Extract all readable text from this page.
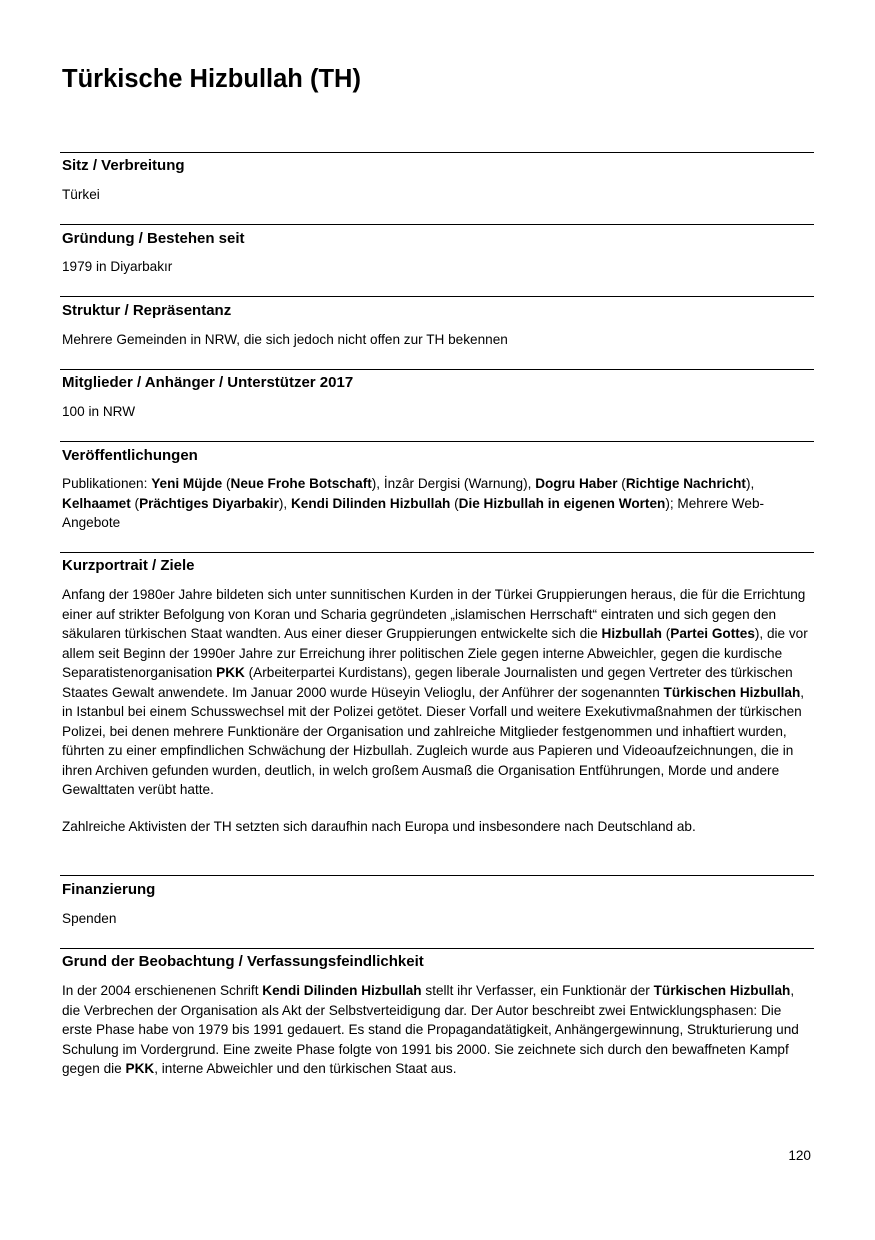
Türkische Hizbullah (TH)
Sitz / Verbreitung
Türkei
Gründung / Bestehen seit
1979 in Diyarbakır
Struktur / Repräsentanz
Mehrere Gemeinden in NRW, die sich jedoch nicht offen zur TH bekennen
Mitglieder / Anhänger / Unterstützer 2017
100 in NRW
Veröffentlichungen
Publikationen: Yeni Müjde (Neue Frohe Botschaft), İnzâr Dergisi (Warnung), Dogru Haber (Richtige Nachricht), Kelhaamet (Prächtiges Diyarbakir), Kendi Dilinden Hizbullah (Die Hizbullah in eigenen Worten); Mehrere Web-Angebote
Kurzportrait / Ziele
Anfang der 1980er Jahre bildeten sich unter sunnitischen Kurden in der Türkei Gruppierungen heraus, die für die Errichtung einer auf strikter Befolgung von Koran und Scharia gegründeten „islamischen Herrschaft“ eintraten und sich gegen den säkularen türkischen Staat wandten. Aus einer dieser Gruppierungen entwickelte sich die Hizbullah (Partei Gottes), die vor allem seit Beginn der 1990er Jahre zur Erreichung ihrer politischen Ziele gegen interne Abweichler, gegen die kurdische Separatistenorganisation PKK (Arbeiterpartei Kurdistans), gegen liberale Journalisten und gegen Vertreter des türkischen Staates Gewalt anwendete. Im Januar 2000 wurde Hüseyin Velioglu, der Anführer der sogenannten Türkischen Hizbullah, in Istanbul bei einem Schusswechsel mit der Polizei getötet. Dieser Vorfall und weitere Exekutivmaßnahmen der türkischen Polizei, bei denen mehrere Funktionäre der Organisation und zahlreiche Mitglieder festgenommen und inhaftiert wurden, führten zu einer empfindlichen Schwächung der Hizbullah. Zugleich wurde aus Papieren und Videoaufzeichnungen, die in ihren Archiven gefunden wurden, deutlich, in welch großem Ausmaß die Organisation Entführungen, Morde und andere Gewalttaten verübt hatte.
Zahlreiche Aktivisten der TH setzten sich daraufhin nach Europa und insbesondere nach Deutschland ab.
Finanzierung
Spenden
Grund der Beobachtung / Verfassungsfeindlichkeit
In der 2004 erschienenen Schrift Kendi Dilinden Hizbullah stellt ihr Verfasser, ein Funktionär der Türkischen Hizbullah, die Verbrechen der Organisation als Akt der Selbstverteidigung dar. Der Autor beschreibt zwei Entwicklungsphasen: Die erste Phase habe von 1979 bis 1991 gedauert. Es stand die Propagandatätigkeit, Anhängergewinnung, Strukturierung und Schulung im Vordergrund. Eine zweite Phase folgte von 1991 bis 2000. Sie zeichnete sich durch den bewaffneten Kampf gegen die PKK, interne Abweichler und den türkischen Staat aus.
120
